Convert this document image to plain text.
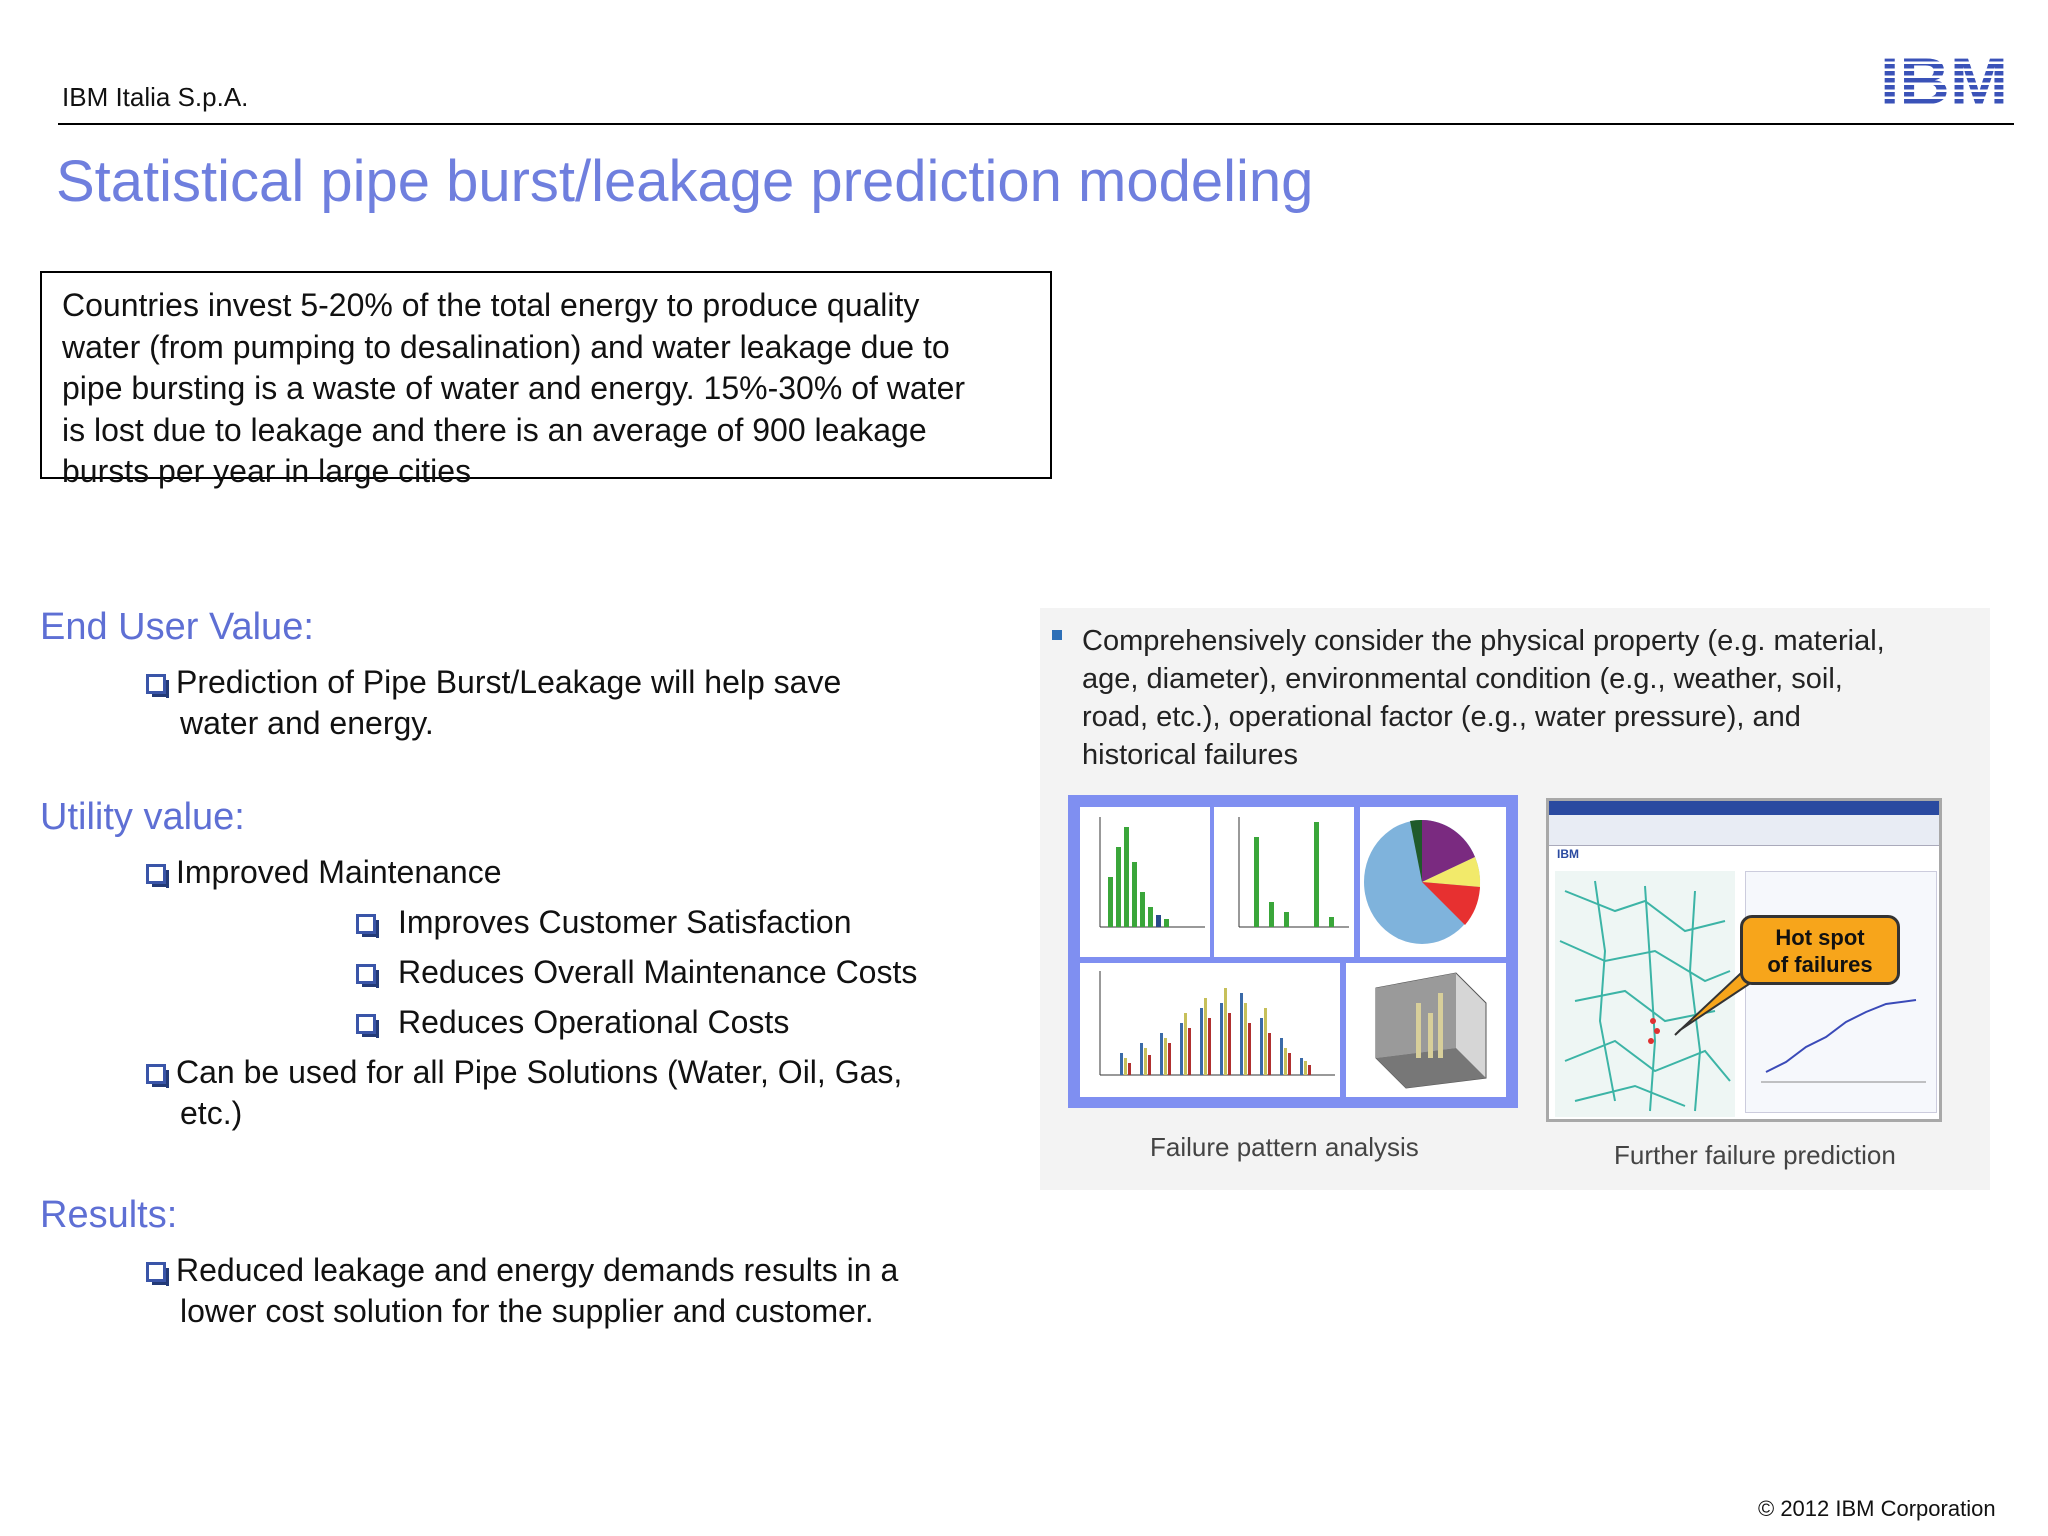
IBM Italia S.p.A.	IBM
Statistical pipe burst/leakage prediction modeling
Countries invest 5-20% of the total energy to produce quality
water (from pumping to desalination) and water leakage due to
pipe bursting is a waste of water and energy. 15%-30% of water
is lost due to leakage and there is an average of 900 leakage
bursts per year in large cities
End User Value:
Prediction of Pipe Burst/Leakage will help save
water and energy.
Utility value:
Improved Maintenance
Improves Customer Satisfaction
Reduces Overall Maintenance Costs
Reduces Operational Costs
Can be used for all Pipe Solutions (Water, Oil, Gas,
etc.)
Results:
Reduced leakage and energy demands results in a
lower cost solution for the supplier and customer.
Comprehensively consider the physical property (e.g. material,
age, diameter), environmental condition (e.g., weather, soil,
road, etc.), operational factor (e.g., water pressure), and
historical failures
Failure pattern analysis
IBM
Hot spot
of failures
Further failure prediction
© 2012 IBM Corporation
